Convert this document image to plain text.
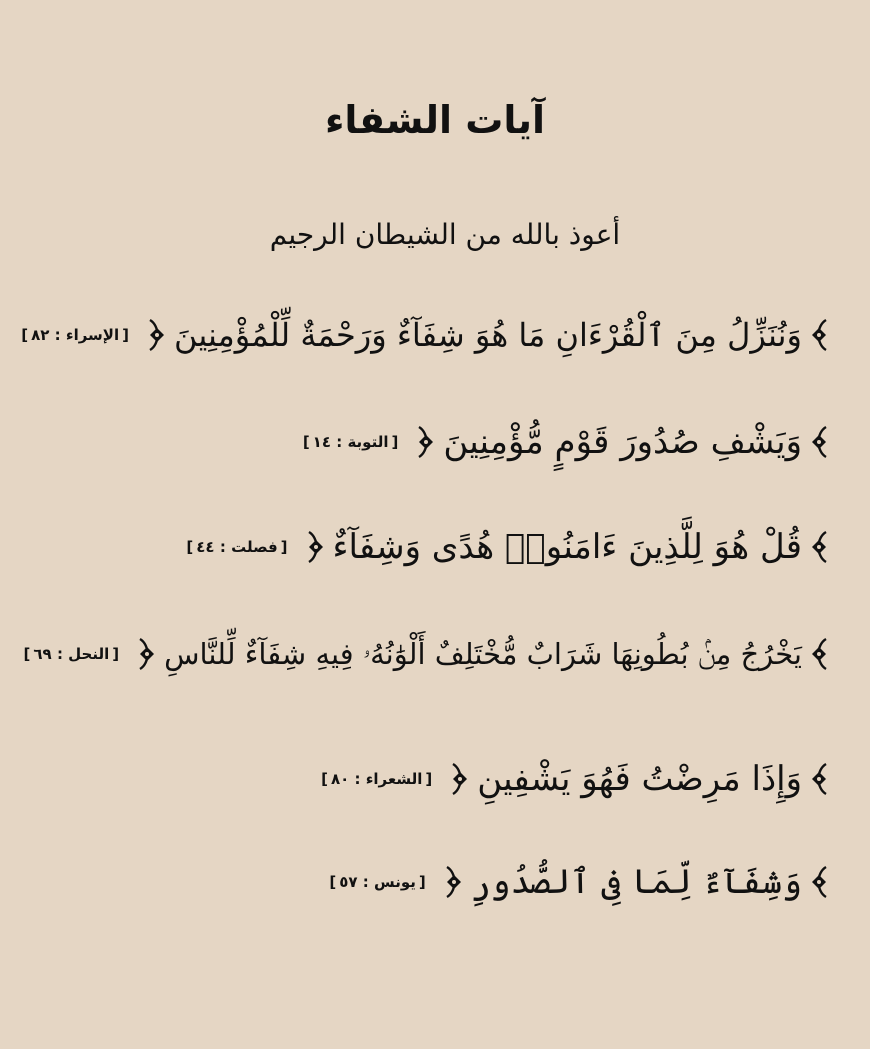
آيات الشفاء
أعوذ بالله من الشيطان الرجيم
وَنُنَزِّلُ مِنَ ٱلْقُرْءَانِ مَا هُوَ شِفَآءٌ وَرَحْمَةٌ لِّلْمُؤْمِنِينَ
[الإسراء : ٨٢]
وَيَشْفِ صُدُورَ قَوْمٍ مُّؤْمِنِينَ
[التوبة : ١٤]
قُلْ هُوَ لِلَّذِينَ ءَامَنُوا۟ هُدًى وَشِفَآءٌ
[فصلت : ٤٤]
يَخْرُجُ مِنۢ بُطُونِهَا شَرَابٌ مُّخْتَلِفٌ أَلْوَٰنُهُۥ فِيهِ شِفَآءٌ لِّلنَّاسِ
[النحل : ٦٩]
وَإِذَا مَرِضْتُ فَهُوَ يَشْفِينِ
[الشعراء : ٨٠]
وَشِفَآءٌ لِّمَا فِى ٱلصُّدُورِ
[يونس : ٥٧]
